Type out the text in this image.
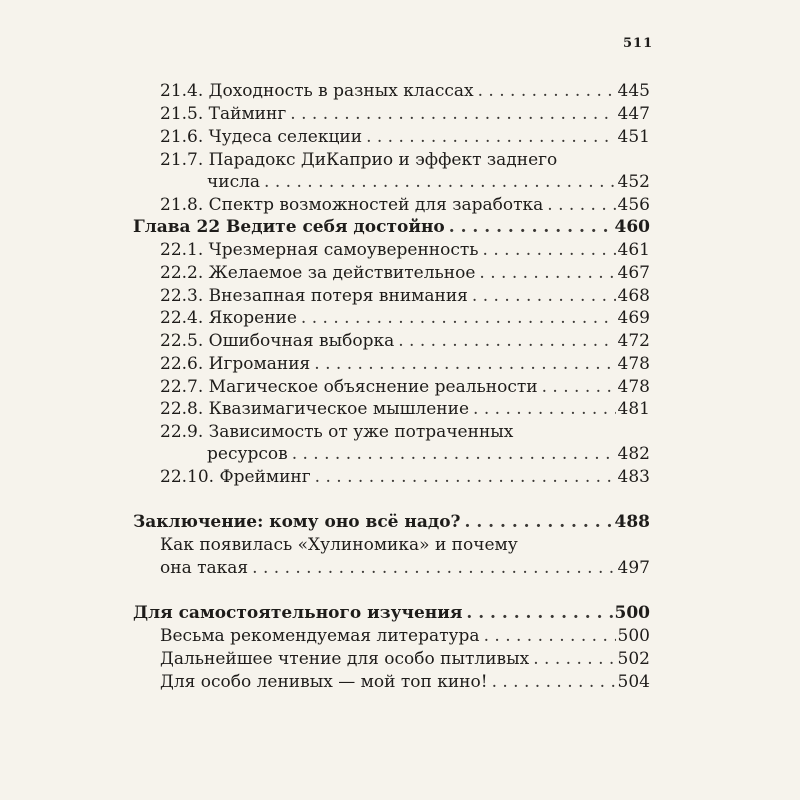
511
21.4. Доходность в разных классах . . .	445
21.5. Тайминг . . .	447
21.6. Чудеса селекции . . .	451
21.7. Парадокс ДиКаприо и эффект заднего
числа . . .	452
21.8. Спектр возможностей для заработка . . .	456
Глава 22 Ведите себя достойно . . .	460
22.1. Чрезмерная самоуверенность . . .	461
22.2. Желаемое за действительное . . .	467
22.3. Внезапная потеря внимания . . .	468
22.4. Якорение . . .	469
22.5. Ошибочная выборка . . .	472
22.6. Игромания . . .	478
22.7. Магическое объяснение реальности . . .	478
22.8. Квазимагическое мышление . . .	481
22.9. Зависимость от уже потраченных
ресурсов . . .	482
22.10. Фрейминг . . .	483
Заключение: кому оно всё надо? . . .	488
Как появилась «Хулиномика» и почему
она такая . . .	497
Для самостоятельного изучения . . .	500
Весьма рекомендуемая литература . . .	500
Дальнейшее чтение для особо пытливых . . .	502
Для особо ленивых — мой топ кино! . . .	504
